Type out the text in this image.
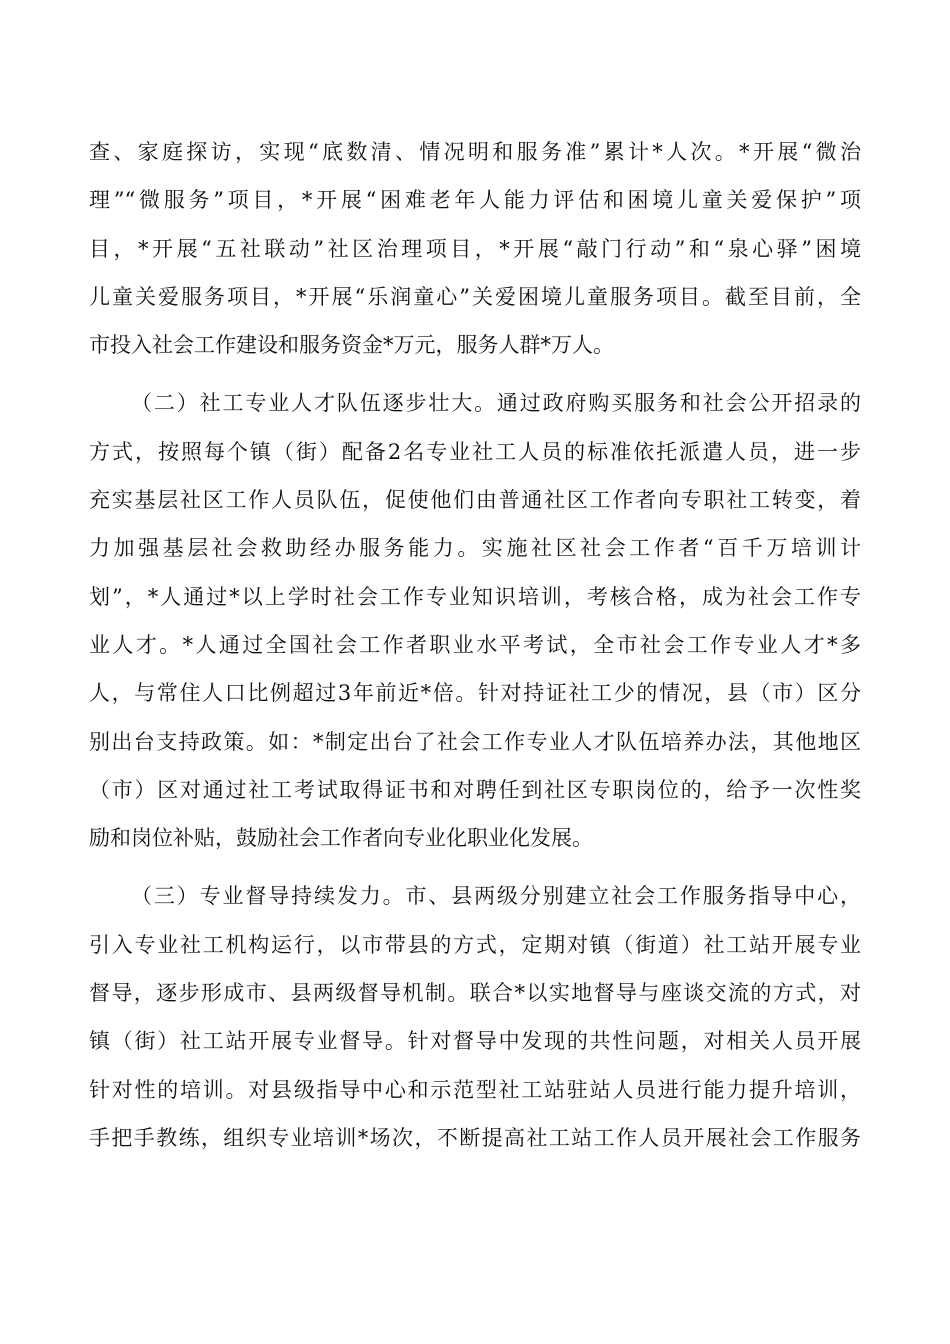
查、家庭探访，实现“底数清、情况明和服务准”累计*人次。*开展“微治
理”“微服务”项目，*开展“困难老年人能力评估和困境儿童关爱保护”项
目，*开展“五社联动”社区治理项目，*开展“敲门行动”和“泉心驿”困境
儿童关爱服务项目，*开展“乐润童心”关爱困境儿童服务项目。截至目前，全
市投入社会工作建设和服务资金*万元，服务人群*万人。
（二）社工专业人才队伍逐步壮大。通过政府购买服务和社会公开招录的
方式，按照每个镇（街）配备2名专业社工人员的标准依托派遣人员，进一步
充实基层社区工作人员队伍，促使他们由普通社区工作者向专职社工转变，着
力加强基层社会救助经办服务能力。实施社区社会工作者“百千万培训计
划”，*人通过*以上学时社会工作专业知识培训，考核合格，成为社会工作专
业人才。*人通过全国社会工作者职业水平考试，全市社会工作专业人才*多
人，与常住人口比例超过3年前近*倍。针对持证社工少的情况，县（市）区分
别出台支持政策。如：*制定出台了社会工作专业人才队伍培养办法，其他地区
（市）区对通过社工考试取得证书和对聘任到社区专职岗位的，给予一次性奖
励和岗位补贴，鼓励社会工作者向专业化职业化发展。
（三）专业督导持续发力。市、县两级分别建立社会工作服务指导中心，
引入专业社工机构运行，以市带县的方式，定期对镇（街道）社工站开展专业
督导，逐步形成市、县两级督导机制。联合*以实地督导与座谈交流的方式，对
镇（街）社工站开展专业督导。针对督导中发现的共性问题，对相关人员开展
针对性的培训。对县级指导中心和示范型社工站驻站人员进行能力提升培训，
手把手教练，组织专业培训*场次，不断提高社工站工作人员开展社会工作服务
